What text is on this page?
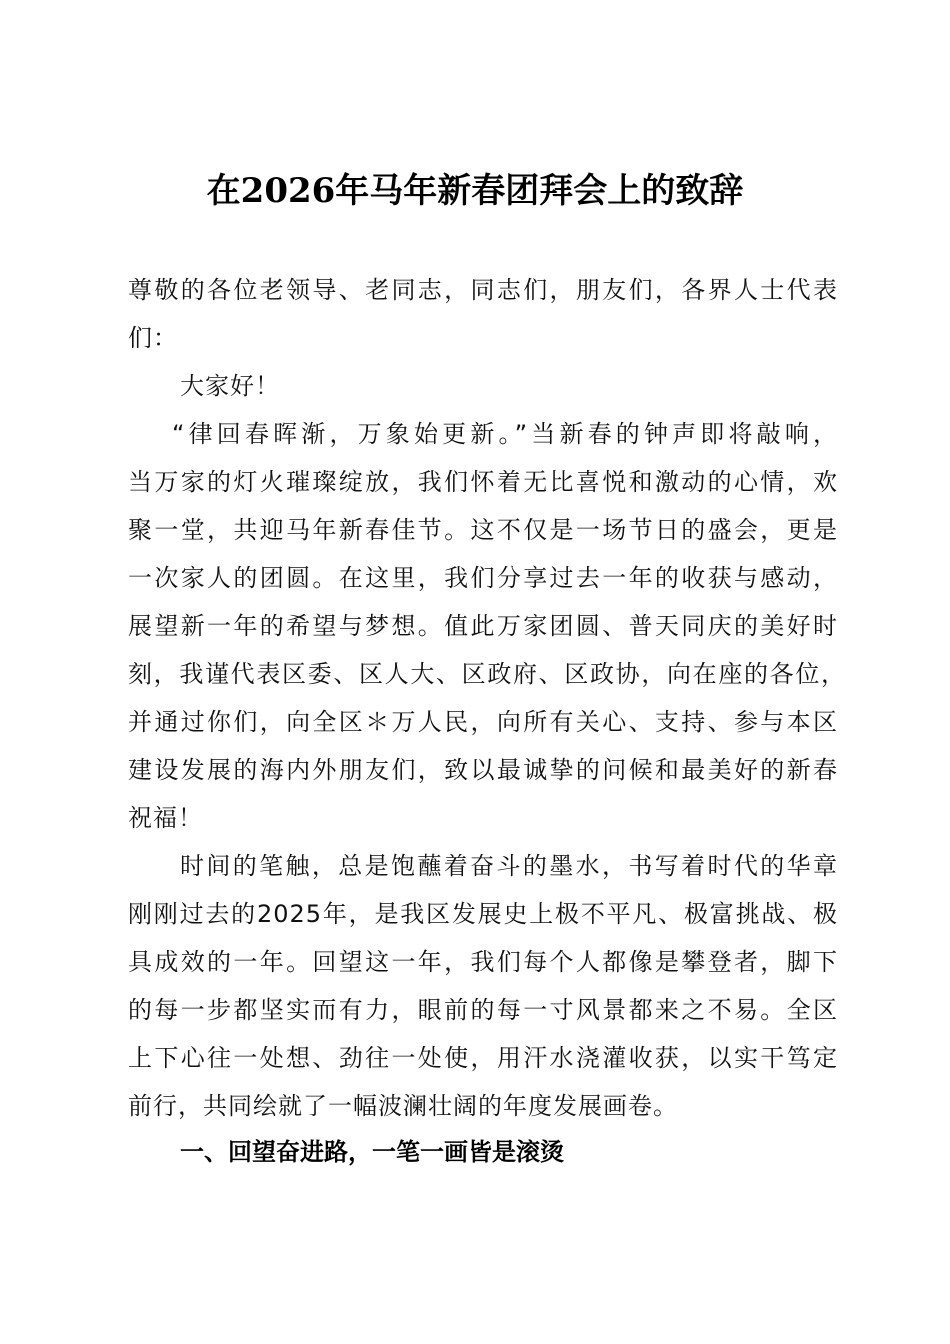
在2026年马年新春团拜会上的致辞
尊敬的各位老领导、老同志，同志们，朋友们，各界人士代表
们：
大家好！
“律回春晖渐，万象始更新。”当新春的钟声即将敲响，
当万家的灯火璀璨绽放，我们怀着无比喜悦和激动的心情，欢
聚一堂，共迎马年新春佳节。这不仅是一场节日的盛会，更是
一次家人的团圆。在这里，我们分享过去一年的收获与感动，
展望新一年的希望与梦想。值此万家团圆、普天同庆的美好时
刻，我谨代表区委、区人大、区政府、区政协，向在座的各位，
并通过你们，向全区＊万人民，向所有关心、支持、参与本区
建设发展的海内外朋友们，致以最诚挚的问候和最美好的新春
祝福！
时间的笔触，总是饱蘸着奋斗的墨水，书写着时代的华章
刚刚过去的2025年，是我区发展史上极不平凡、极富挑战、极
具成效的一年。回望这一年，我们每个人都像是攀登者，脚下
的每一步都坚实而有力，眼前的每一寸风景都来之不易。全区
上下心往一处想、劲往一处使，用汗水浇灌收获，以实干笃定
前行，共同绘就了一幅波澜壮阔的年度发展画卷。
一、回望奋进路，一笔一画皆是滚烫
